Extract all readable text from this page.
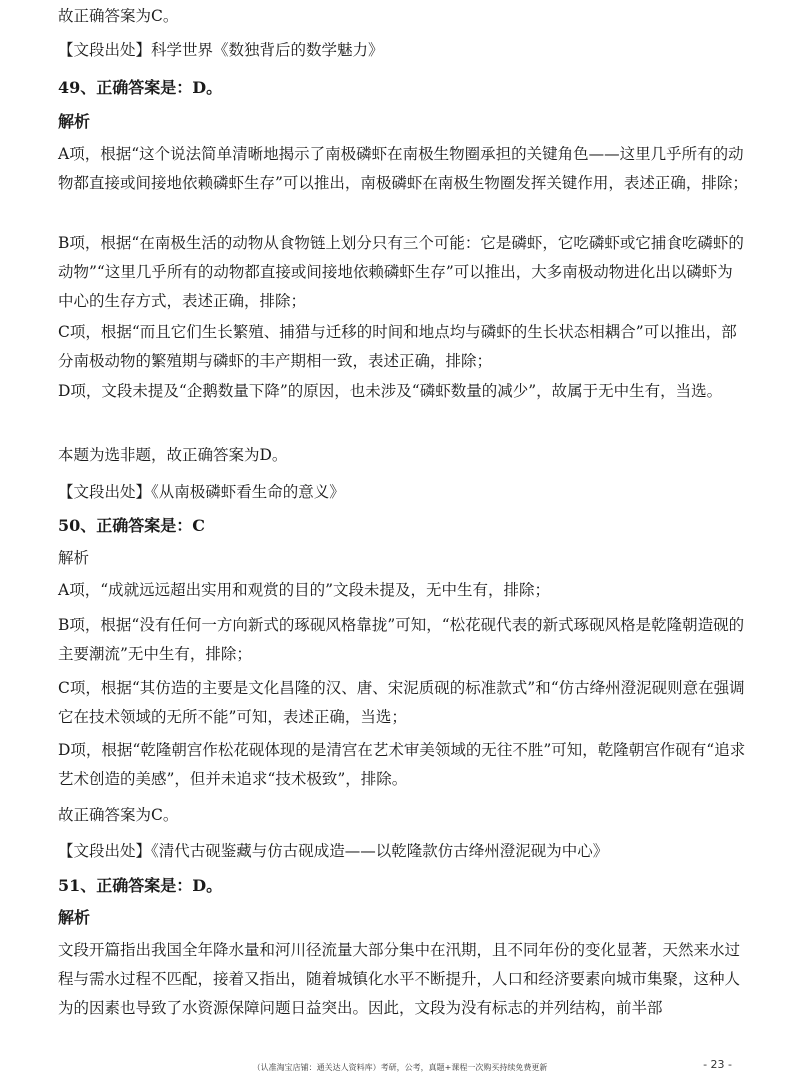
故正确答案为C。

【文段出处】科学世界《数独背后的数学魅力》

49、正确答案是：D。

解析

A项，根据“这个说法简单清晰地揭示了南极磷虾在南极生物圈承担的关键角色——这里几乎所有的动物都直接或间接地依赖磷虾生存”可以推出，南极磷虾在南极生物圈发挥关键作用，表述正确，排除；

B项，根据“在南极生活的动物从食物链上划分只有三个可能：它是磷虾，它吃磷虾或它捕食吃磷虾的动物”“这里几乎所有的动物都直接或间接地依赖磷虾生存”可以推出，大多南极动物进化出以磷虾为中心的生存方式，表述正确，排除；

C项，根据“而且它们生长繁殖、捕猎与迁移的时间和地点均与磷虾的生长状态相耦合”可以推出，部分南极动物的繁殖期与磷虾的丰产期相一致，表述正确，排除；

D项，文段未提及“企鹅数量下降”的原因，也未涉及“磷虾数量的减少”，故属于无中生有，当选。

本题为选非题，故正确答案为D。

【文段出处】《从南极磷虾看生命的意义》

50、正确答案是：C

解析

A项，“成就远远超出实用和观赏的目的”文段未提及，无中生有，排除；

B项，根据“没有任何一方向新式的琢砚风格靠拢”可知，“松花砚代表的新式琢砚风格是乾隆朝造砚的主要潮流”无中生有，排除；

C项，根据“其仿造的主要是文化昌隆的汉、唐、宋泥质砚的标准款式”和“仿古绛州澄泥砚则意在强调它在技术领域的无所不能”可知，表述正确，当选；

D项，根据“乾隆朝宫作松花砚体现的是清宫在艺术审美领域的无往不胜”可知，乾隆朝宫作砚有“追求艺术创造的美感”，但并未追求“技术极致”，排除。

故正确答案为C。

【文段出处】《清代古砚鉴藏与仿古砚成造——以乾隆款仿古绛州澄泥砚为中心》

51、正确答案是：D。

解析

文段开篇指出我国全年降水量和河川径流量大部分集中在汛期，且不同年份的变化显著，天然来水过程与需水过程不匹配，接着又指出，随着城镇化水平不断提升，人口和经济要素向城市集聚，这种人为的因素也导致了水资源保障问题日益突出。因此，文段为没有标志的并列结构，前半部

（认准淘宝店铺：通关达人资料库）考研，公考，真题+课程一次购买持续免费更新	- 23 -
